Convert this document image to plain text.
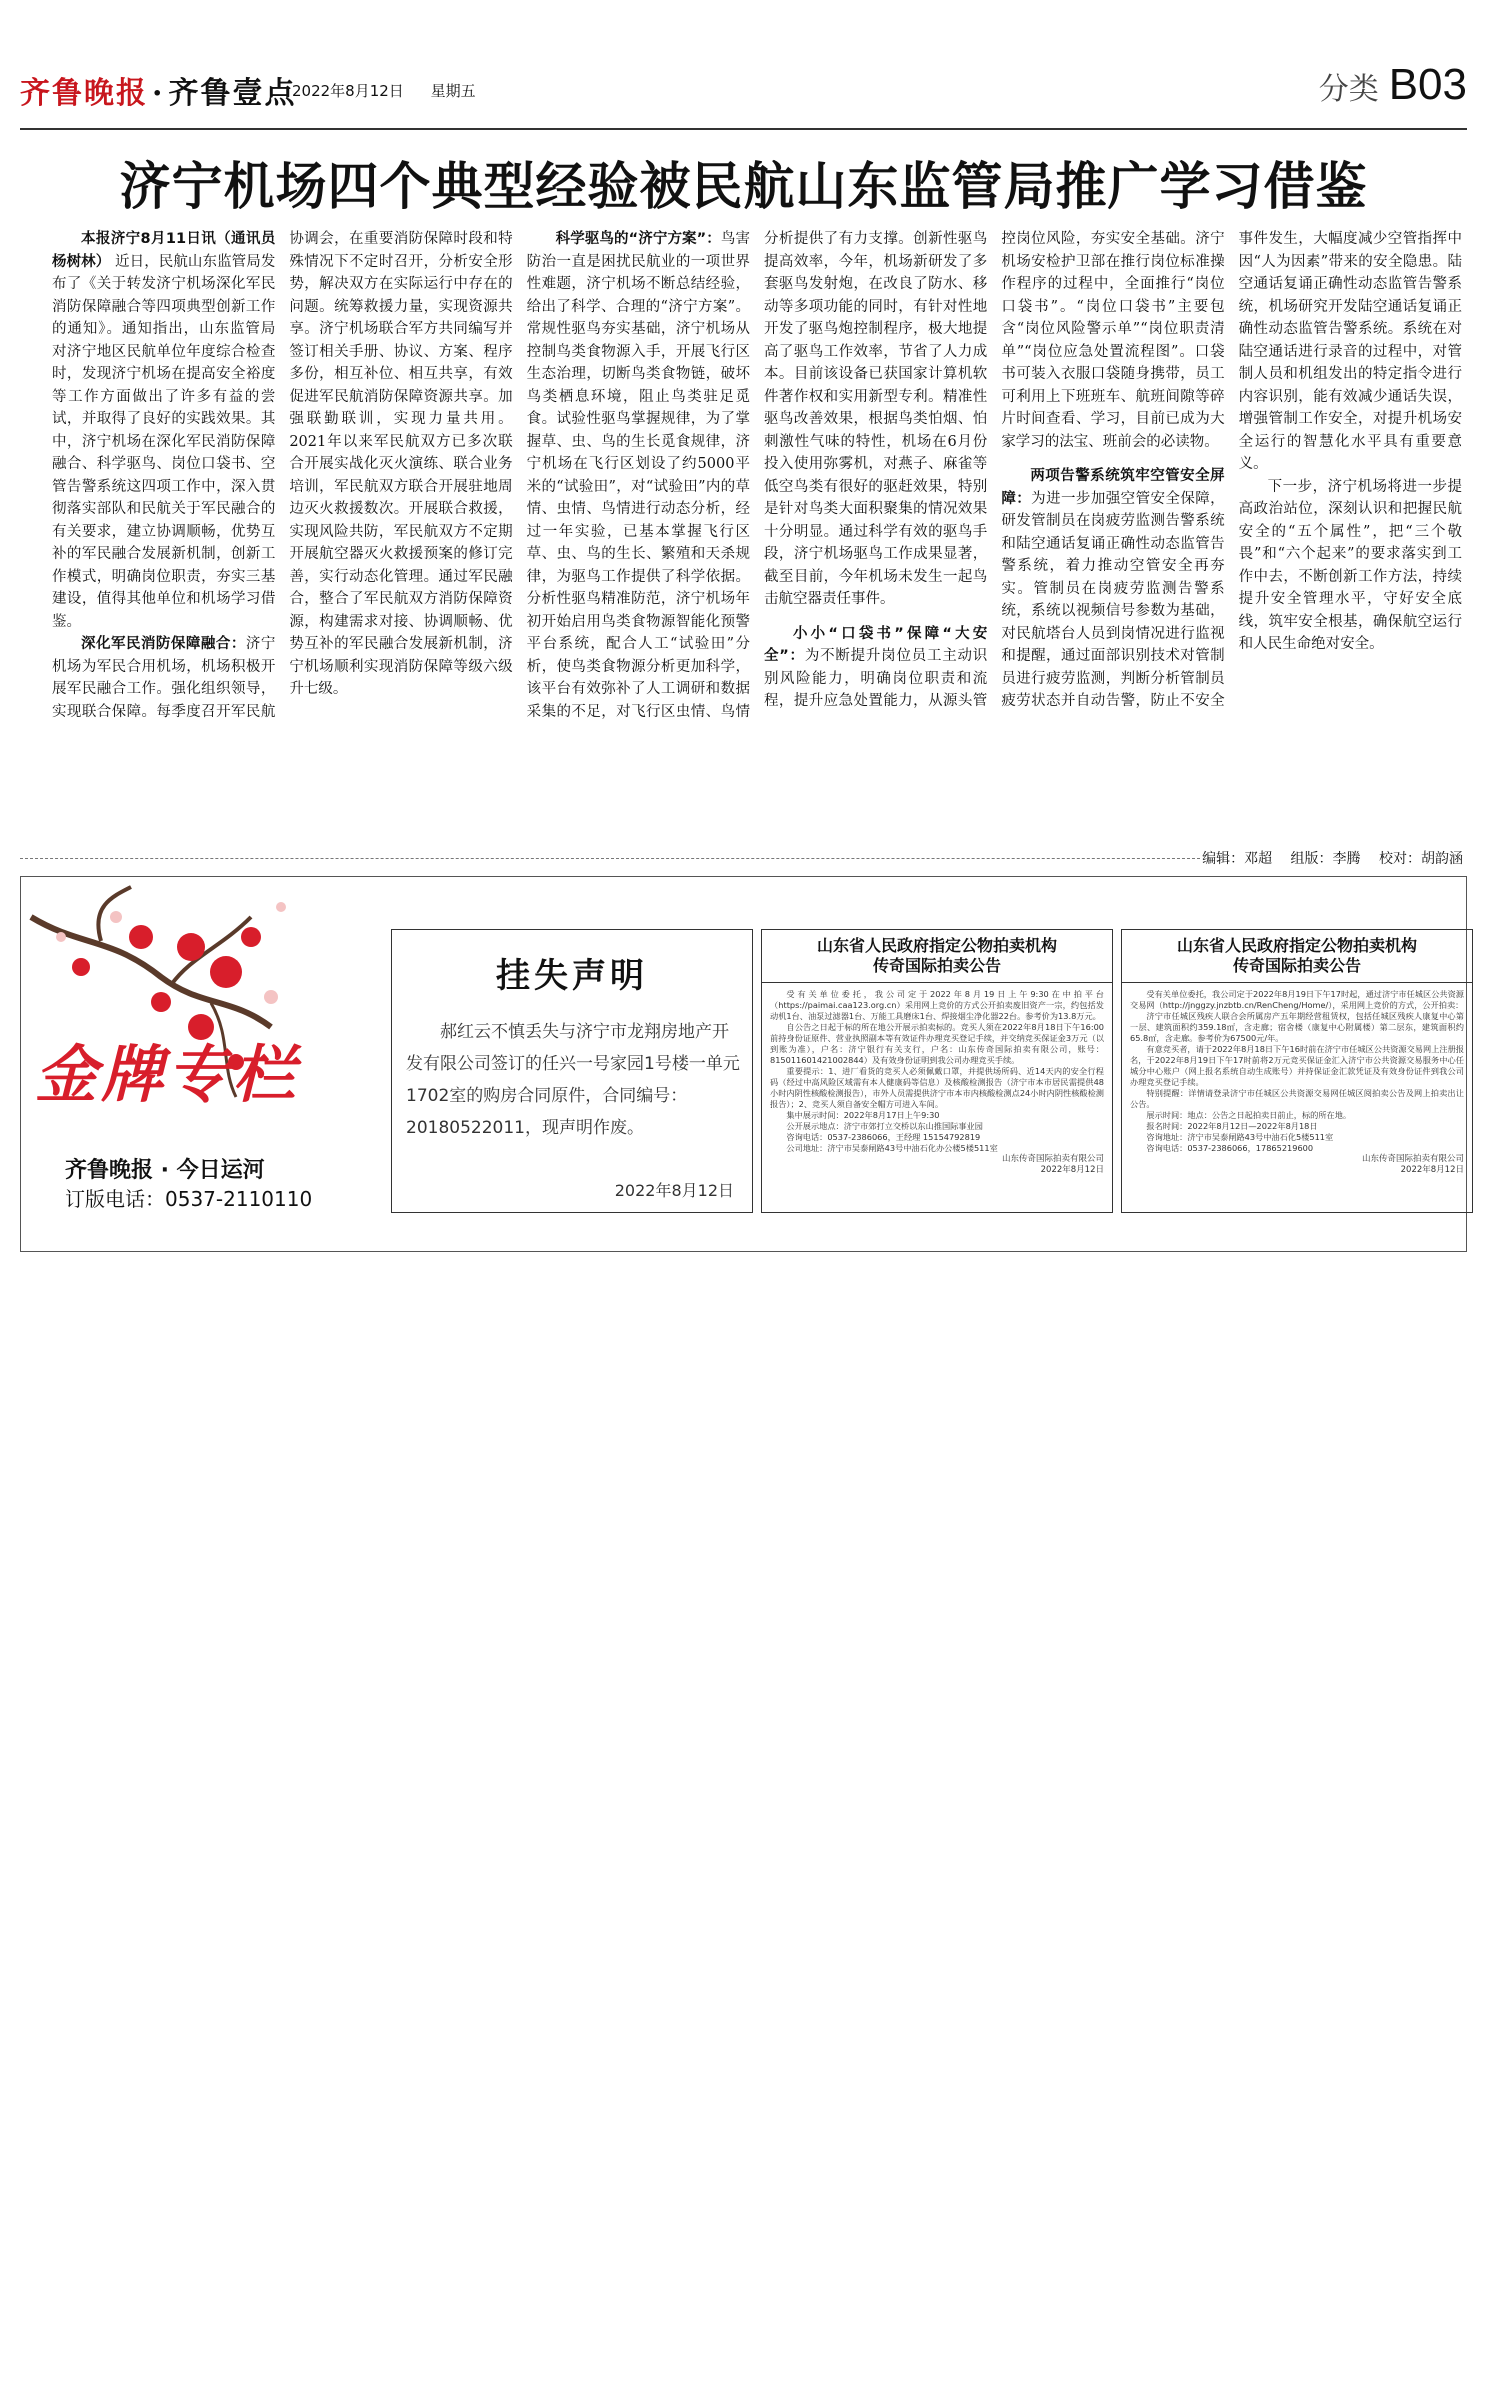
齐鲁晚报 · 齐鲁壹点
2022年8月12日 星期五	分类 B03
济宁机场四个典型经验被民航山东监管局推广学习借鉴

本报济宁8月11日讯（通讯员 杨树林） 近日，民航山东监管局发布了《关于转发济宁机场深化军民消防保障融合等四项典型创新工作的通知》。通知指出，山东监管局对济宁地区民航单位年度综合检查时，发现济宁机场在提高安全裕度等工作方面做出了许多有益的尝试，并取得了良好的实践效果。其中，济宁机场在深化军民消防保障融合、科学驱鸟、岗位口袋书、空管告警系统这四项工作中，深入贯彻落实部队和民航关于军民融合的有关要求，建立协调顺畅，优势互补的军民融合发展新机制，创新工作模式，明确岗位职责，夯实三基建设，值得其他单位和机场学习借鉴。

深化军民消防保障融合：济宁机场为军民合用机场，机场积极开展军民融合工作。强化组织领导，实现联合保障。每季度召开军民航协调会，在重要消防保障时段和特殊情况下不定时召开，分析安全形势，解决双方在实际运行中存在的问题。统筹救援力量，实现资源共享。济宁机场联合军方共同编写并签订相关手册、协议、方案、程序多份，相互补位、相互共享，有效促进军民航消防保障资源共享。加强联勤联训，实现力量共用。2021年以来军民航双方已多次联合开展实战化灭火演练、联合业务培训，军民航双方联合开展驻地周边灭火救援数次。开展联合救援，实现风险共防，军民航双方不定期开展航空器灭火救援预案的修订完善，实行动态化管理。通过军民融合，整合了军民航双方消防保障资源，构建需求对接、协调顺畅、优势互补的军民融合发展新机制，济宁机场顺利实现消防保障等级六级升七级。

科学驱鸟的“济宁方案”：鸟害防治一直是困扰民航业的一项世界性难题，济宁机场不断总结经验，给出了科学、合理的“济宁方案”。常规性驱鸟夯实基础，济宁机场从控制鸟类食物源入手，开展飞行区生态治理，切断鸟类食物链，破坏鸟类栖息环境，阻止鸟类驻足觅食。试验性驱鸟掌握规律，为了掌握草、虫、鸟的生长觅食规律，济宁机场在飞行区划设了约5000平米的“试验田”，对“试验田”内的草情、虫情、鸟情进行动态分析，经过一年实验，已基本掌握飞行区草、虫、鸟的生长、繁殖和天杀规律，为驱鸟工作提供了科学依据。分析性驱鸟精准防范，济宁机场年初开始启用鸟类食物源智能化预警平台系统，配合人工“试验田”分析，使鸟类食物源分析更加科学，该平台有效弥补了人工调研和数据采集的不足，对飞行区虫情、鸟情分析提供了有力支撑。创新性驱鸟提高效率，今年，机场新研发了多套驱鸟发射炮，在改良了防水、移动等多项功能的同时，有针对性地开发了驱鸟炮控制程序，极大地提高了驱鸟工作效率，节省了人力成本。目前该设备已获国家计算机软件著作权和实用新型专利。精准性驱鸟改善效果，根据鸟类怕烟、怕刺激性气味的特性，机场在6月份投入使用弥雾机，对燕子、麻雀等低空鸟类有很好的驱赶效果，特别是针对鸟类大面积聚集的情况效果十分明显。通过科学有效的驱鸟手段，济宁机场驱鸟工作成果显著，截至目前，今年机场未发生一起鸟击航空器责任事件。

小小“口袋书”保障“大安全”：为不断提升岗位员工主动识别风险能力，明确岗位职责和流程，提升应急处置能力，从源头管控岗位风险，夯实安全基础。济宁机场安检护卫部在推行岗位标准操作程序的过程中，全面推行“岗位口袋书”。“岗位口袋书”主要包含“岗位风险警示单”“岗位职责清单”“岗位应急处置流程图”。口袋书可装入衣服口袋随身携带，员工可利用上下班班车、航班间隙等碎片时间查看、学习，目前已成为大家学习的法宝、班前会的必读物。

两项告警系统筑牢空管安全屏障：为进一步加强空管安全保障，研发管制员在岗疲劳监测告警系统和陆空通话复诵正确性动态监管告警系统，着力推动空管安全再夯实。管制员在岗疲劳监测告警系统，系统以视频信号参数为基础，对民航塔台人员到岗情况进行监视和提醒，通过面部识别技术对管制员进行疲劳监测，判断分析管制员疲劳状态并自动告警，防止不安全事件发生，大幅度减少空管指挥中因“人为因素”带来的安全隐患。陆空通话复诵正确性动态监管告警系统，机场研究开发陆空通话复诵正确性动态监管告警系统。系统在对陆空通话进行录音的过程中，对管制人员和机组发出的特定指令进行内容识别，能有效减少通话失误，增强管制工作安全，对提升机场安全运行的智慧化水平具有重要意义。

下一步，济宁机场将进一步提高政治站位，深刻认识和把握民航安全的“五个属性”，把“三个敬畏”和“六个起来”的要求落实到工作中去，不断创新工作方法，持续提升安全管理水平，守好安全底线，筑牢安全根基，确保航空运行和人民生命绝对安全。

编辑：邓超 组版：李腾 校对：胡韵涵
金牌专栏
齐鲁晚报 · 今日运河
订版电话：0537-2110110
挂失声明
郝红云不慎丢失与济宁市龙翔房地产开发有限公司签订的任兴一号家园1号楼一单元1702室的购房合同原件，合同编号：20180522011，现声明作废。
2022年8月12日
山东省人民政府指定公物拍卖机构
传奇国际拍卖公告

受有关单位委托，我公司定于2022年8月19日上午9:30在中拍平台（https://paimai.caa123.org.cn）采用网上竞价的方式公开拍卖废旧资产一宗，约包括发动机1台、油泵过滤器1台、万能工具磨床1台、焊接烟尘净化器22台。参考价为13.8万元。

自公告之日起于标的所在地公开展示拍卖标的。竞买人须在2022年8月18日下午16:00前持身份证原件、营业执照副本等有效证件办理竞买登记手续，并交纳竞买保证金3万元（以到账为准），户名：济宁银行有关支行，户名：山东传奇国际拍卖有限公司，账号：815011601421002844）及有效身份证明到我公司办理竞买手续。

重要提示：1、进厂看货的竞买人必须佩戴口罩，并提供场所码、近14天内的安全行程码（经过中高风险区域需有本人健康码等信息）及核酸检测报告（济宁市本市居民需提供48小时内阴性核酸检测报告），市外人员需提供济宁市本市内核酸检测点24小时内阴性核酸检测报告）；2、竞买人须自备安全帽方可进入车间。

集中展示时间：2022年8月17日上午9:30

公开展示地点：济宁市郊打立交桥以东山推国际事业园

咨询电话：0537-2386066，王经理 15154792819

公司地址：济宁市吴泰闸路43号中油石化办公楼5楼511室

山东传奇国际拍卖有限公司
2022年8月12日
山东省人民政府指定公物拍卖机构
传奇国际拍卖公告

受有关单位委托，我公司定于2022年8月19日下午17时起，通过济宁市任城区公共资源交易网（http://jnggzy.jnzbtb.cn/RenCheng/Home/），采用网上竞价的方式，公开拍卖：

济宁市任城区残疾人联合会所属房产五年期经营租赁权，包括任城区残疾人康复中心第一层、建筑面积约359.18㎡，含走廊；宿舍楼（康复中心附属楼）第二层东，建筑面积约65.8㎡，含走廊。参考价为67500元/年。

有意竞买者，请于2022年8月18日下午16时前在济宁市任城区公共资源交易网上注册报名，于2022年8月19日下午17时前将2万元竞买保证金汇入济宁市公共资源交易服务中心任城分中心账户（网上报名系统自动生成账号）并持保证金汇款凭证及有效身份证件到我公司办理竞买登记手续。

特别提醒：详情请登录济宁市任城区公共资源交易网任城区阅拍卖公告及网上拍卖出让公告。

展示时间：地点：公告之日起拍卖日前止，标的所在地。

报名时间：2022年8月12日—2022年8月18日

咨询地址：济宁市吴泰闸路43号中油石化5楼511室

咨询电话：0537-2386066，17865219600

山东传奇国际拍卖有限公司
2022年8月12日
